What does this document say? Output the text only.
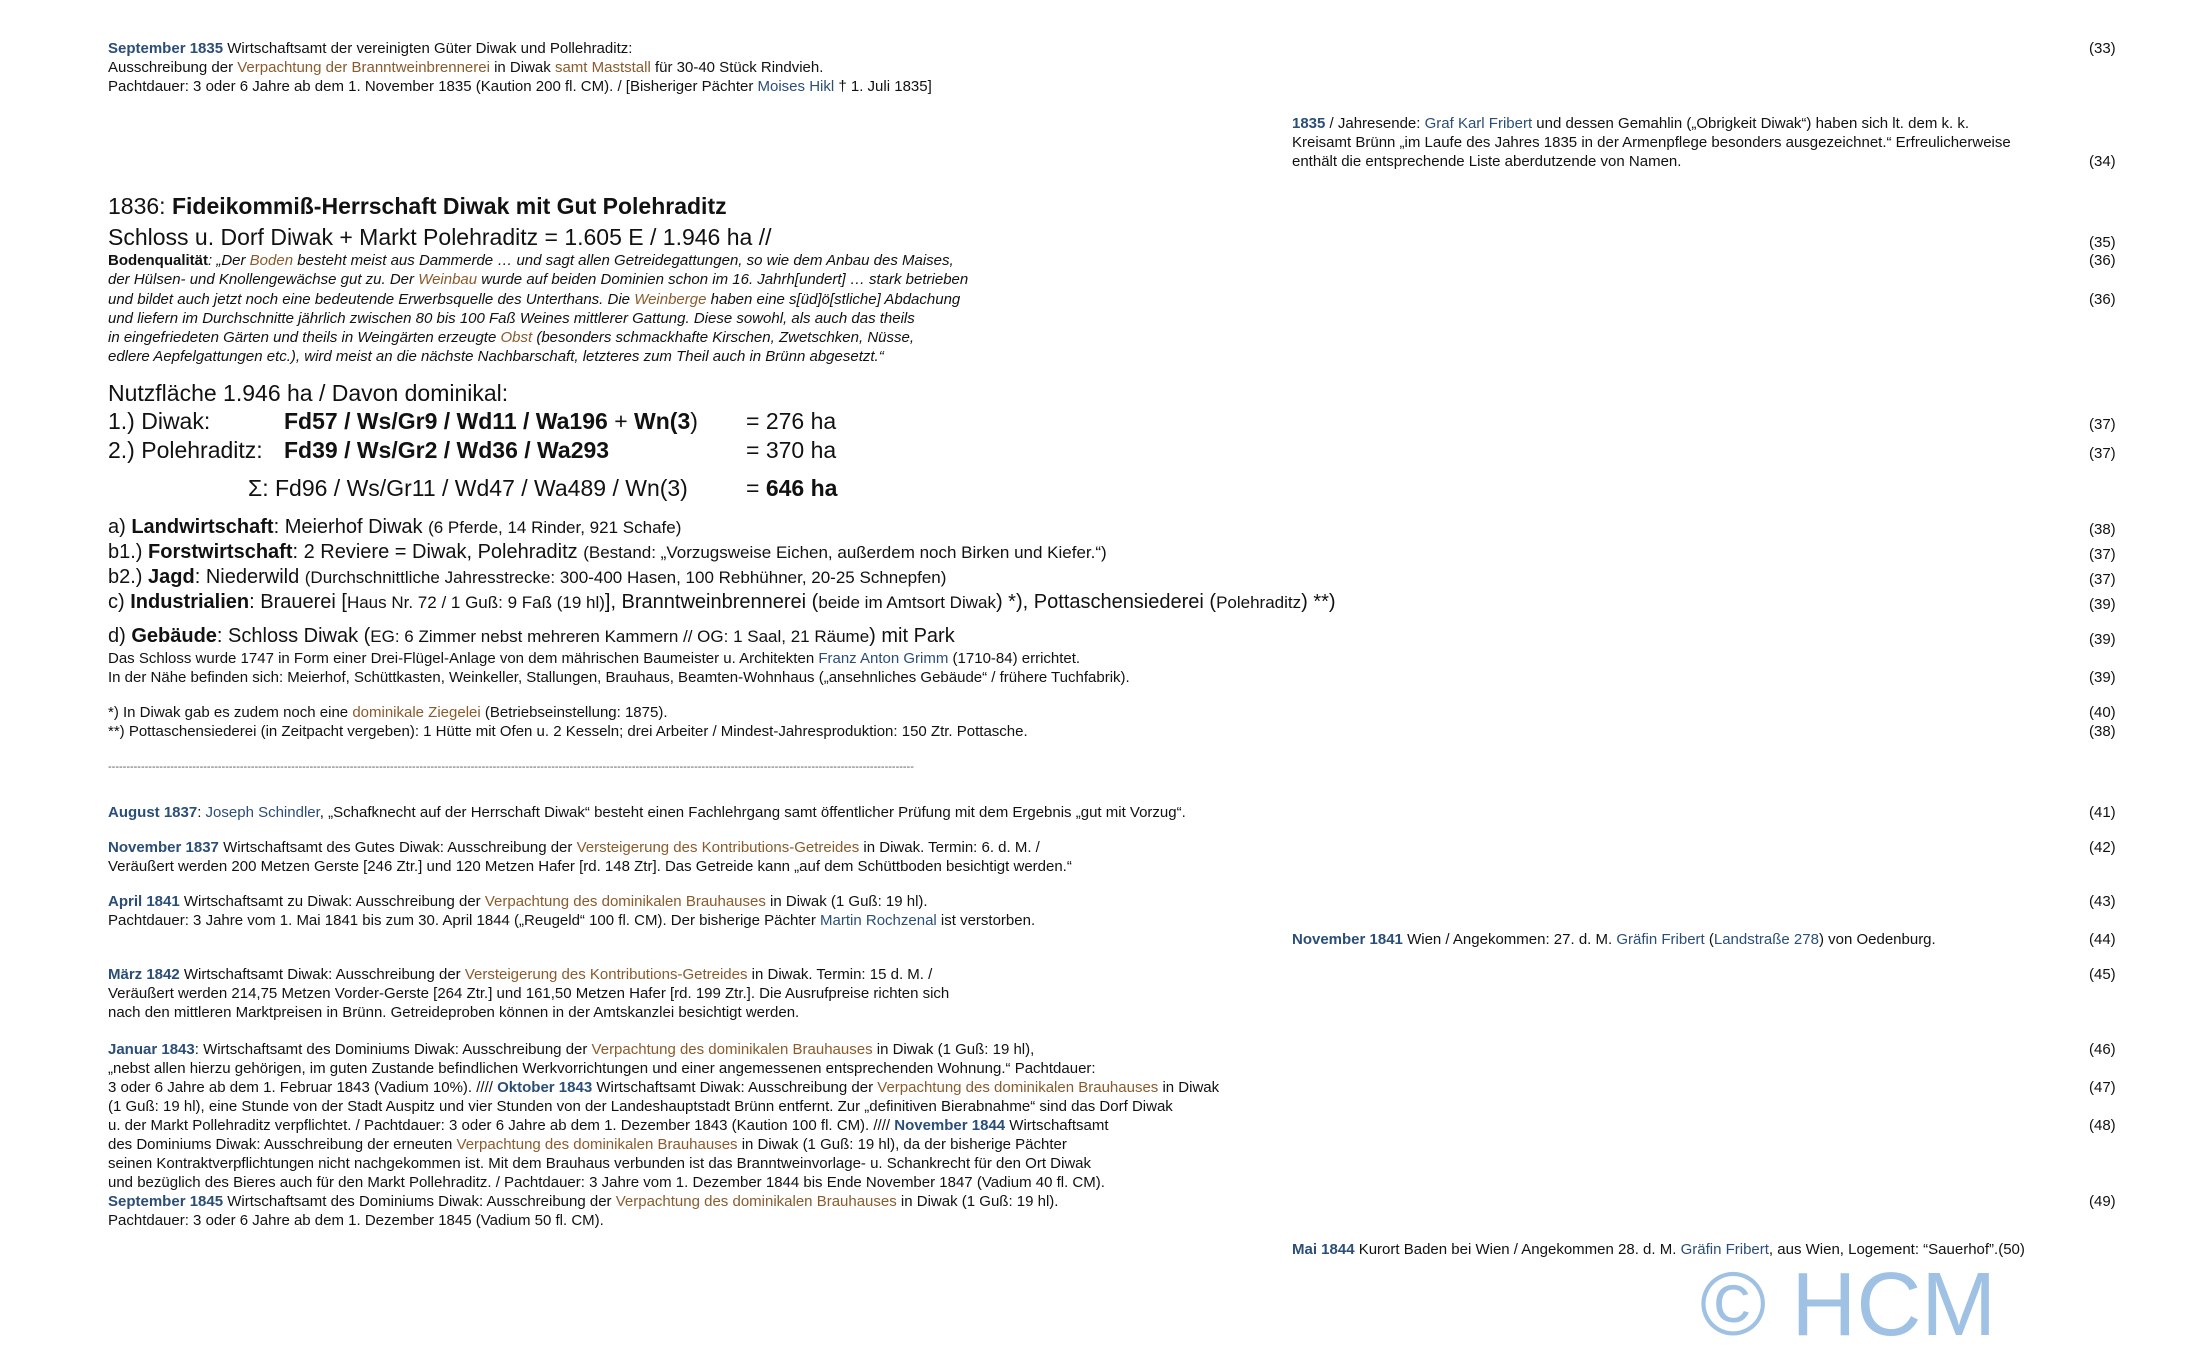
September 1835 Wirtschaftsamt der vereinigten Güter Diwak und Pollehraditz:
Ausschreibung der Verpachtung der Branntweinbrennerei in Diwak samt Maststall für 30-40 Stück Rindvieh.
Pachtdauer: 3 oder 6 Jahre ab dem 1. November 1835 (Kaution 200 fl. CM). / [Bisheriger Pächter Moises Hikl † 1. Juli 1835]
(33)
1835 / Jahresende: Graf Karl Fribert und dessen Gemahlin („Obrigkeit Diwak“) haben sich lt. dem k. k.
Kreisamt Brünn „im Laufe des Jahres 1835 in der Armenpflege besonders ausgezeichnet.“ Erfreulicherweise
enthält die entsprechende Liste aberdutzende von Namen.	(34)
1836: Fideikommiß-Herrschaft Diwak mit Gut Polehraditz
Schloss u. Dorf Diwak + Markt Polehraditz = 1.605 E / 1.946 ha //	(35)
Bodenqualität: „Der Boden besteht meist aus Dammerde … und sagt allen Getreidegattungen, so wie dem Anbau des Maises,
der Hülsen- und Knollengewächse gut zu. Der Weinbau wurde auf beiden Dominien schon im 16. Jahrh[undert] … stark betrieben
und bildet auch jetzt noch eine bedeutende Erwerbsquelle des Unterthans. Die Weinberge haben eine s[üd]ö[stliche] Abdachung
und liefern im Durchschnitte jährlich zwischen 80 bis 100 Faß Weines mittlerer Gattung. Diese sowohl, als auch das theils
in eingefriedeten Gärten und theils in Weingärten erzeugte Obst (besonders schmackhafte Kirschen, Zwetschken, Nüsse,
edlere Aepfelgattungen etc.), wird meist an die nächste Nachbarschaft, letzteres zum Theil auch in Brünn abgesetzt.“
(36)
(36)
Nutzfläche 1.946 ha / Davon dominikal:
1.) Diwak:	Fd57 / Ws/Gr9 / Wd11 / Wa196 + Wn(3) = 276 ha	(37)
2.) Polehraditz: Fd39 / Ws/Gr2 / Wd36 / Wa293	= 370 ha	(37)
Σ: Fd96 / Ws/Gr11 / Wd47 / Wa489 / Wn(3)	= 646 ha
a) Landwirtschaft: Meierhof Diwak (6 Pferde, 14 Rinder, 921 Schafe)	(38)
b1.) Forstwirtschaft: 2 Reviere = Diwak, Polehraditz (Bestand: „Vorzugsweise Eichen, außerdem noch Birken und Kiefer.“)	(37)
b2.) Jagd: Niederwild (Durchschnittliche Jahresstrecke: 300-400 Hasen, 100 Rebhühner, 20-25 Schnepfen)	(37)
c) Industrialien: Brauerei [Haus Nr. 72 / 1 Guß: 9 Faß (19 hl)], Branntweinbrennerei (beide im Amtsort Diwak) *), Pottaschensiederei (Polehraditz) **)	(39)
d) Gebäude: Schloss Diwak (EG: 6 Zimmer nebst mehreren Kammern // OG: 1 Saal, 21 Räume) mit Park	(39)
Das Schloss wurde 1747 in Form einer Drei-Flügel-Anlage von dem mährischen Baumeister u. Architekten Franz Anton Grimm (1710-84) errichtet.
In der Nähe befinden sich: Meierhof, Schüttkasten, Weinkeller, Stallungen, Brauhaus, Beamten-Wohnhaus („ansehnliches Gebäude“ / frühere Tuchfabrik).	(39)
*) In Diwak gab es zudem noch eine dominikale Ziegelei (Betriebseinstellung: 1875).	(40)
**) Pottaschensiederei (in Zeitpacht vergeben): 1 Hütte mit Ofen u. 2 Kesseln; drei Arbeiter / Mindest-Jahresproduktion: 150 Ztr. Pottasche.	(38)
----------------------------------------------------------------------------------------------------------------------------------------------------------------------------------------------------------------------------
August 1837: Joseph Schindler, „Schafknecht auf der Herrschaft Diwak“ besteht einen Fachlehrgang samt öffentlicher Prüfung mit dem Ergebnis „gut mit Vorzug“.	(41)
November 1837 Wirtschaftsamt des Gutes Diwak: Ausschreibung der Versteigerung des Kontributions-Getreides in Diwak. Termin: 6. d. M. /
Veräußert werden 200 Metzen Gerste [246 Ztr.] und 120 Metzen Hafer [rd. 148 Ztr]. Das Getreide kann „auf dem Schüttboden besichtigt werden.“
(42)
April 1841 Wirtschaftsamt zu Diwak: Ausschreibung der Verpachtung des dominikalen Brauhauses in Diwak (1 Guß: 19 hl).
Pachtdauer: 3 Jahre vom 1. Mai 1841 bis zum 30. April 1844 („Reugeld“ 100 fl. CM). Der bisherige Pächter Martin Rochzenal ist verstorben.
(43)
November 1841 Wien / Angekommen: 27. d. M. Gräfin Fribert (Landstraße 278) von Oedenburg.	(44)
März 1842 Wirtschaftsamt Diwak: Ausschreibung der Versteigerung des Kontributions-Getreides in Diwak. Termin: 15 d. M. /
Veräußert werden 214,75 Metzen Vorder-Gerste [264 Ztr.] und 161,50 Metzen Hafer [rd. 199 Ztr.]. Die Ausrufpreise richten sich
nach den mittleren Marktpreisen in Brünn. Getreideproben können in der Amtskanzlei besichtigt werden.
(45)
Januar 1843: Wirtschaftsamt des Dominiums Diwak: Ausschreibung der Verpachtung des dominikalen Brauhauses in Diwak (1 Guß: 19 hl),
„nebst allen hierzu gehörigen, im guten Zustande befindlichen Werkvorrichtungen und einer angemessenen entsprechenden Wohnung.“ Pachtdauer:
3 oder 6 Jahre ab dem 1. Februar 1843 (Vadium 10%). //// Oktober 1843 Wirtschaftsamt Diwak: Ausschreibung der Verpachtung des dominikalen Brauhauses in Diwak
(1 Guß: 19 hl), eine Stunde von der Stadt Auspitz und vier Stunden von der Landeshauptstadt Brünn entfernt. Zur „definitiven Bierabnahme“ sind das Dorf Diwak
u. der Markt Pollehraditz verpflichtet. / Pachtdauer: 3 oder 6 Jahre ab dem 1. Dezember 1843 (Kaution 100 fl. CM). //// November 1844 Wirtschaftsamt
des Dominiums Diwak: Ausschreibung der erneuten Verpachtung des dominikalen Brauhauses in Diwak (1 Guß: 19 hl), da der bisherige Pächter
seinen Kontraktverpflichtungen nicht nachgekommen ist. Mit dem Brauhaus verbunden ist das Branntweinvorlage- u. Schankrecht für den Ort Diwak
und bezüglich des Bieres auch für den Markt Pollehraditz. / Pachtdauer: 3 Jahre vom 1. Dezember 1844 bis Ende November 1847 (Vadium 40 fl. CM).
(46)
(47)
(48)
September 1845 Wirtschaftsamt des Dominiums Diwak: Ausschreibung der Verpachtung des dominikalen Brauhauses in Diwak (1 Guß: 19 hl).
Pachtdauer: 3 oder 6 Jahre ab dem 1. Dezember 1845 (Vadium 50 fl. CM).
(49)
Mai 1844 Kurort Baden bei Wien / Angekommen 28. d. M. Gräfin Fribert, aus Wien, Logement: “Sauerhof”.(50)
© HCM
